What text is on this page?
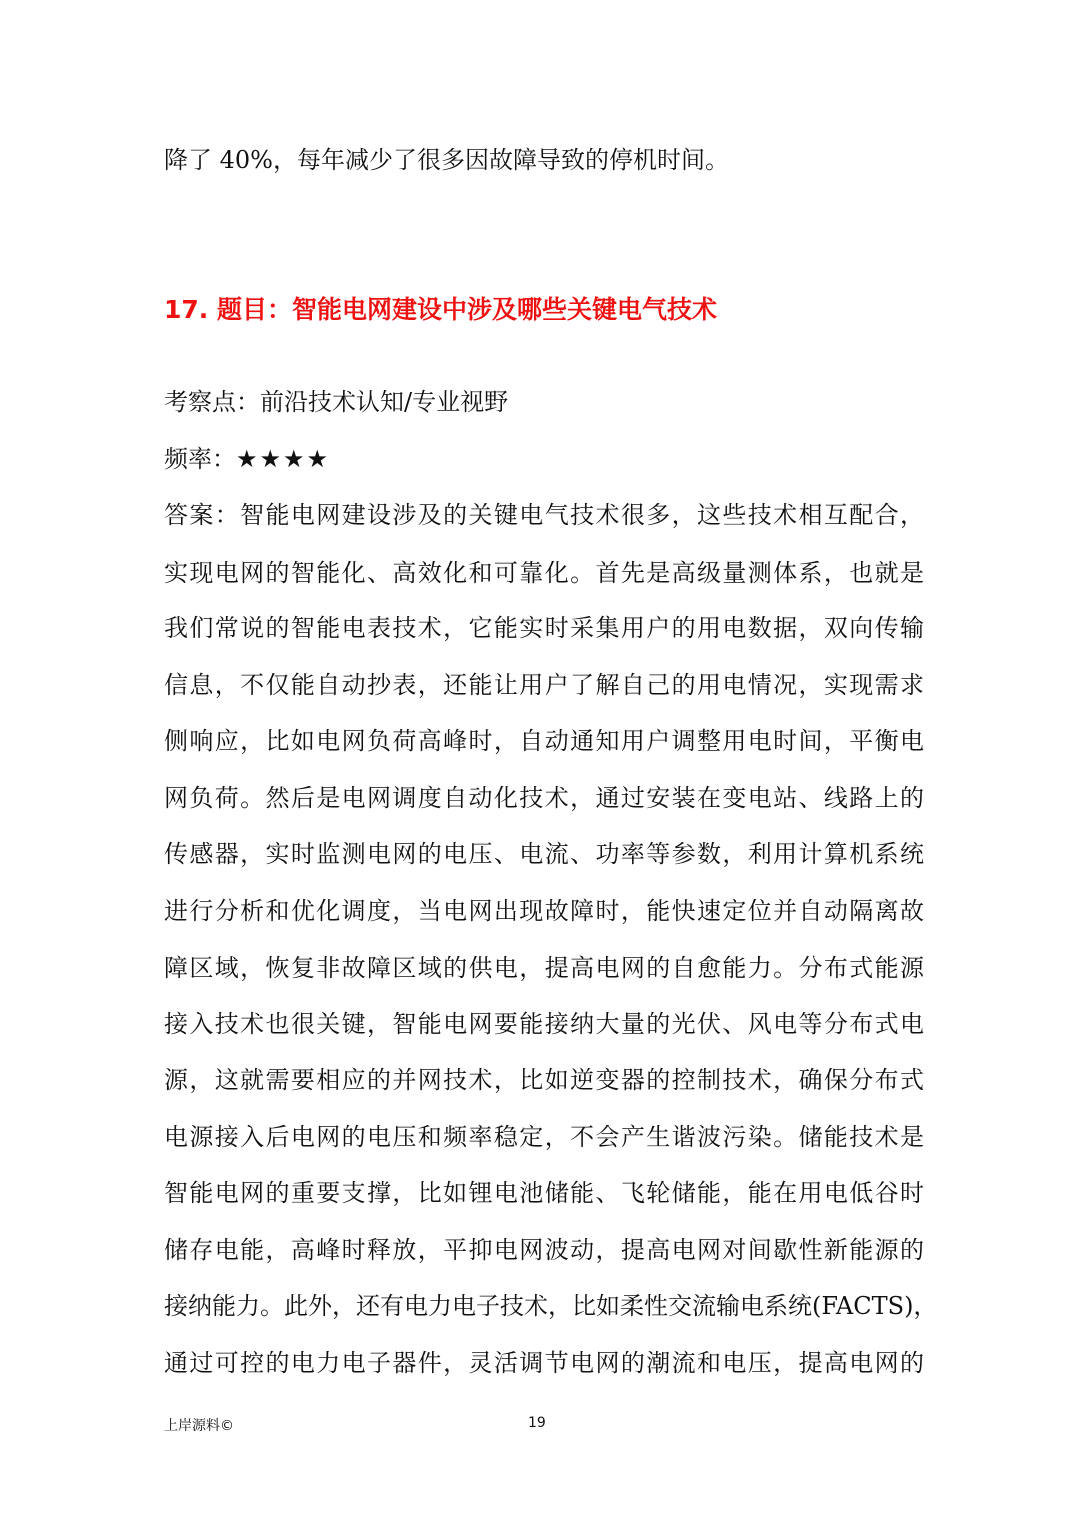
降了 40%，每年减少了很多因故障导致的停机时间。
17. 题目：智能电网建设中涉及哪些关键电气技术
考察点：前沿技术认知/专业视野
频率：★★★★
答案：智能电网建设涉及的关键电气技术很多，这些技术相互配合，
实现电网的智能化、高效化和可靠化。首先是高级量测体系，也就是
我们常说的智能电表技术，它能实时采集用户的用电数据，双向传输
信息，不仅能自动抄表，还能让用户了解自己的用电情况，实现需求
侧响应，比如电网负荷高峰时，自动通知用户调整用电时间，平衡电
网负荷。然后是电网调度自动化技术，通过安装在变电站、线路上的
传感器，实时监测电网的电压、电流、功率等参数，利用计算机系统
进行分析和优化调度，当电网出现故障时，能快速定位并自动隔离故
障区域，恢复非故障区域的供电，提高电网的自愈能力。分布式能源
接入技术也很关键，智能电网要能接纳大量的光伏、风电等分布式电
源，这就需要相应的并网技术，比如逆变器的控制技术，确保分布式
电源接入后电网的电压和频率稳定，不会产生谐波污染。储能技术是
智能电网的重要支撑，比如锂电池储能、飞轮储能，能在用电低谷时
储存电能，高峰时释放，平抑电网波动，提高电网对间歇性新能源的
接纳能力。此外，还有电力电子技术，比如柔性交流输电系统(FACTS)，
通过可控的电力电子器件，灵活调节电网的潮流和电压，提高电网的
上岸源料©	19
